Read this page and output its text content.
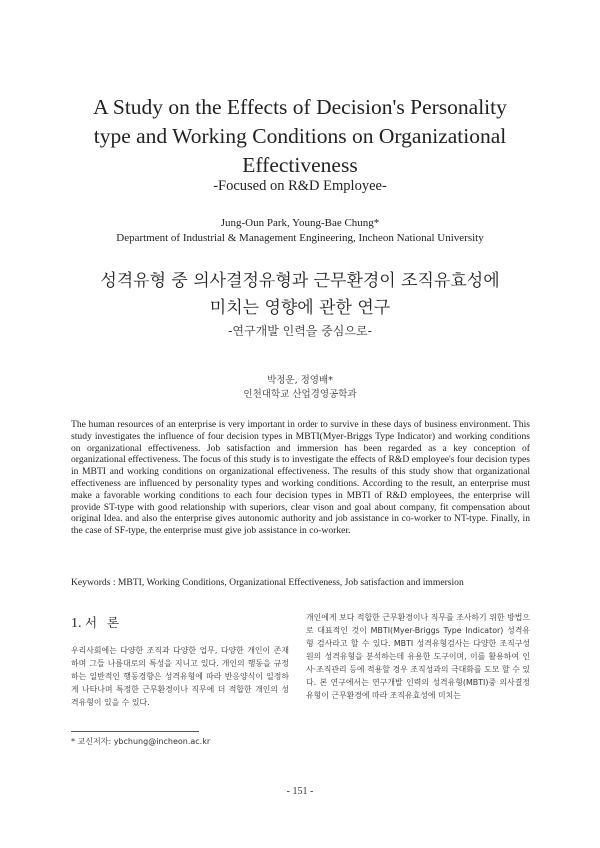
A Study on the Effects of Decision's Personality
type and Working Conditions on Organizational
Effectiveness
-Focused on R&D Employee-
Jung-Oun Park, Young-Bae Chung*
Department of Industrial & Management Engineering, Incheon National University
성격유형 중 의사결정유형과 근무환경이 조직유효성에
미치는 영향에 관한 연구
-연구개발 인력을 중심으로-
박정운, 정영배*
인천대학교 산업경영공학과

The human resources of an enterprise is very important in order to survive in these days of business environment. This study investigates the influence of four decision types in MBTI(Myer-Briggs Type Indicator) and working conditions on organizational effectiveness. Job satisfaction and immersion has been regarded as a key conception of organizational effectiveness. The focus of this study is to investigate the effects of R&D employee's four decision types in MBTI and working conditions on organizational effectiveness. The results of this study show that organizational effectiveness are influenced by personality types and working conditions. According to the result, an enterprise must make a favorable working conditions to each four decision types in MBTI of R&D employees, the enterprise will provide ST-type with good relationship with superiors, clear vison and goal about company, fit compensation about original Idea. and also the enterprise gives autonomic authority and job assistance in co-worker to NT-type. Finally, in the case of SF-type, the enterprise must give job assistance in co-worker.

Keywords : MBTI, Working Conditions, Organizational Effectiveness, Job satisfaction and immersion
1. 서 론

우리사회에는 다양한 조직과 다양한 업무, 다양한 개인이 존재하며 그들 나름대로의 특성을 지니고 있다. 개인의 행동을 규정하는 일반적인 행동경향은 성격유형에 따라 반응양식이 일정하게 나타나며 특정한 근무환경이나 직무에 더 적합한 개인의 성격유형이 있을 수 있다.

개인에게 보다 적합한 근무환경이나 직무를 조사하기 위한 방법으로 대표적인 것이 MBTI(Myer-Briggs Type Indicator) 성격유형 검사라고 할 수 있다. MBTI 성격유형검사는 다양한 조직구성원의 성격유형을 분석하는데 유용한 도구이며, 이를 활용하여 인사·조직관리 등에 적용할 경우 조직성과의 극대화를 도모 할 수 있다. 본 연구에서는 연구개발 인력의 성격유형(MBTI)중 의사결정유형이 근무환경에 따라 조직유효성에 미치는

* 교신저자: ybchung@incheon.ac.kr
- 151 -
